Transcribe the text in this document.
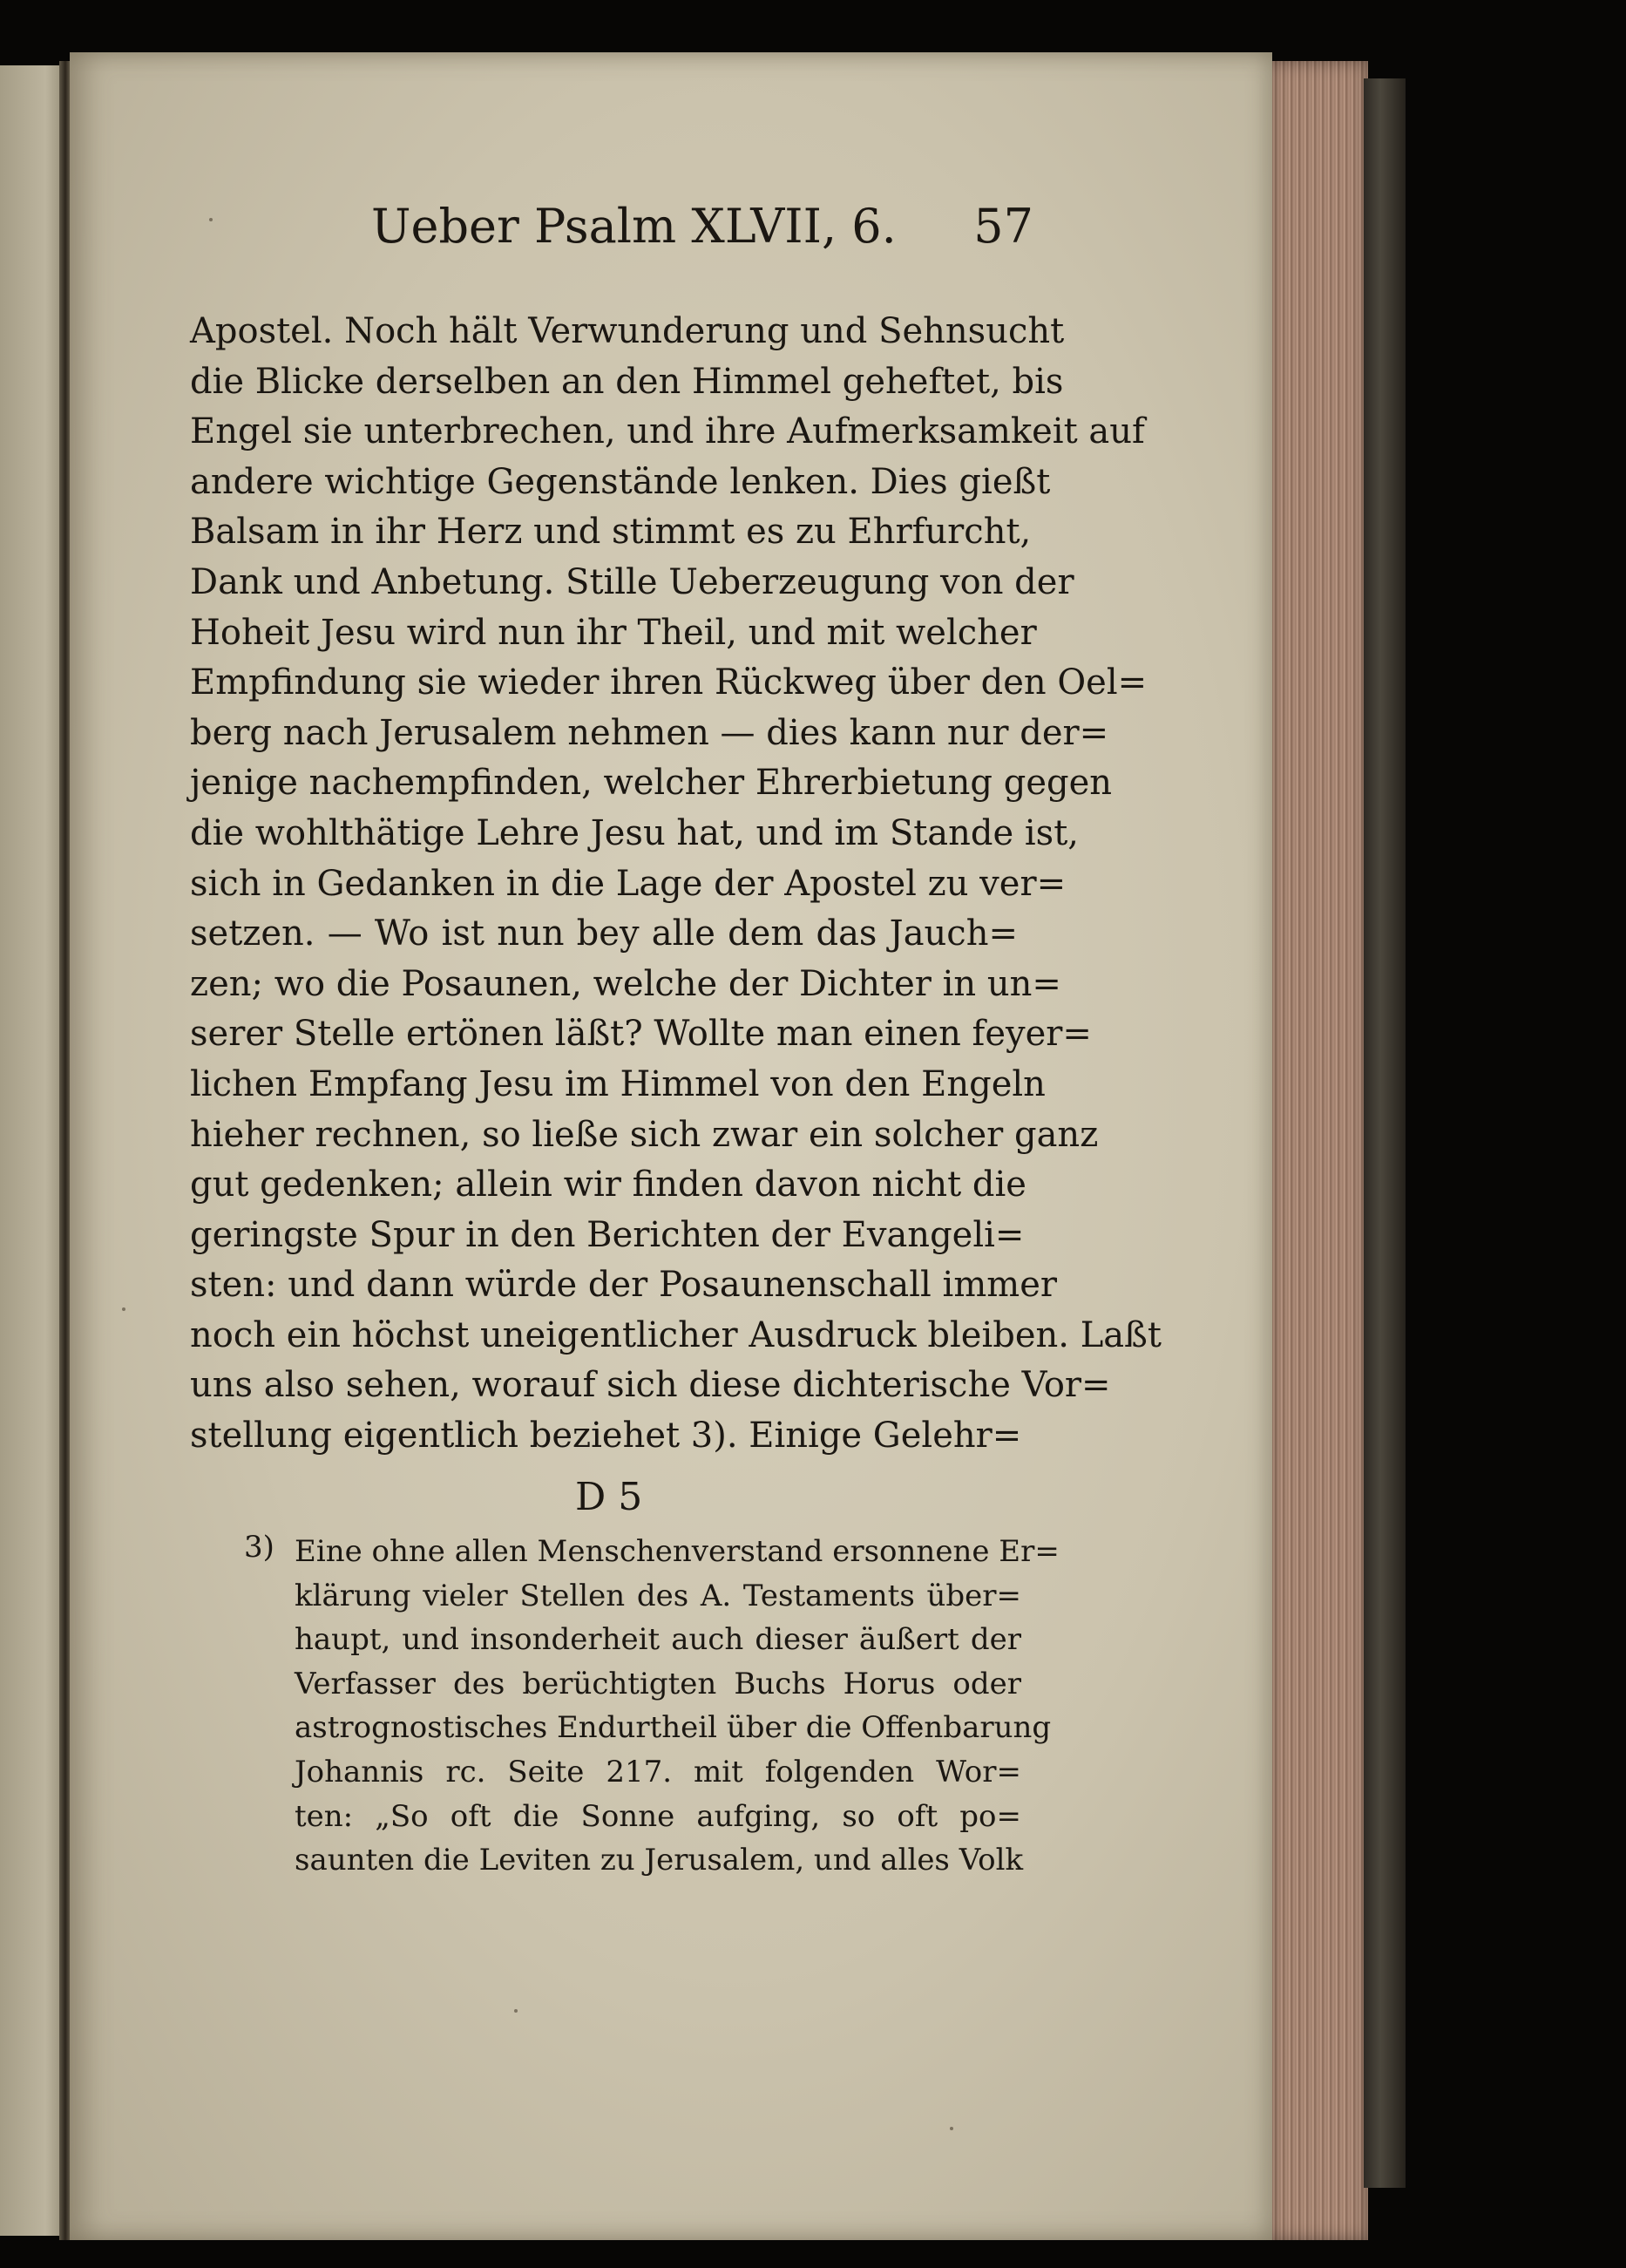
Ueber Psalm XLVII, 6. 57
Apostel. Noch hält Verwunderung und Sehnsucht
die Blicke derselben an den Himmel geheftet, bis
Engel sie unterbrechen, und ihre Aufmerksamkeit auf
andere wichtige Gegenstände lenken. Dies gießt
Balsam in ihr Herz und stimmt es zu Ehrfurcht,
Dank und Anbetung. Stille Ueberzeugung von der
Hoheit Jesu wird nun ihr Theil, und mit welcher
Empfindung sie wieder ihren Rückweg über den Oel=
berg nach Jerusalem nehmen — dies kann nur der=
jenige nachempfinden, welcher Ehrerbietung gegen
die wohlthätige Lehre Jesu hat, und im Stande ist,
sich in Gedanken in die Lage der Apostel zu ver=
setzen. — Wo ist nun bey alle dem das Jauch=
zen; wo die Posaunen, welche der Dichter in un=
serer Stelle ertönen läßt? Wollte man einen feyer=
lichen Empfang Jesu im Himmel von den Engeln
hieher rechnen, so ließe sich zwar ein solcher ganz
gut gedenken; allein wir finden davon nicht die
geringste Spur in den Berichten der Evangeli=
sten: und dann würde der Posaunenschall immer
noch ein höchst uneigentlicher Ausdruck bleiben. Laßt
uns also sehen, worauf sich diese dichterische Vor=
stellung eigentlich beziehet 3). Einige Gelehr=
D 5
3) Eine ohne allen Menschenverstand ersonnene Er=
klärung vieler Stellen des A. Testaments über=
haupt, und insonderheit auch dieser äußert der
Verfasser des berüchtigten Buchs Horus oder
astrognostisches Endurtheil über die Offenbarung
Johannis rc. Seite 217. mit folgenden Wor=
ten: „So oft die Sonne aufging, so oft po=
saunten die Leviten zu Jerusalem, und alles Volk
